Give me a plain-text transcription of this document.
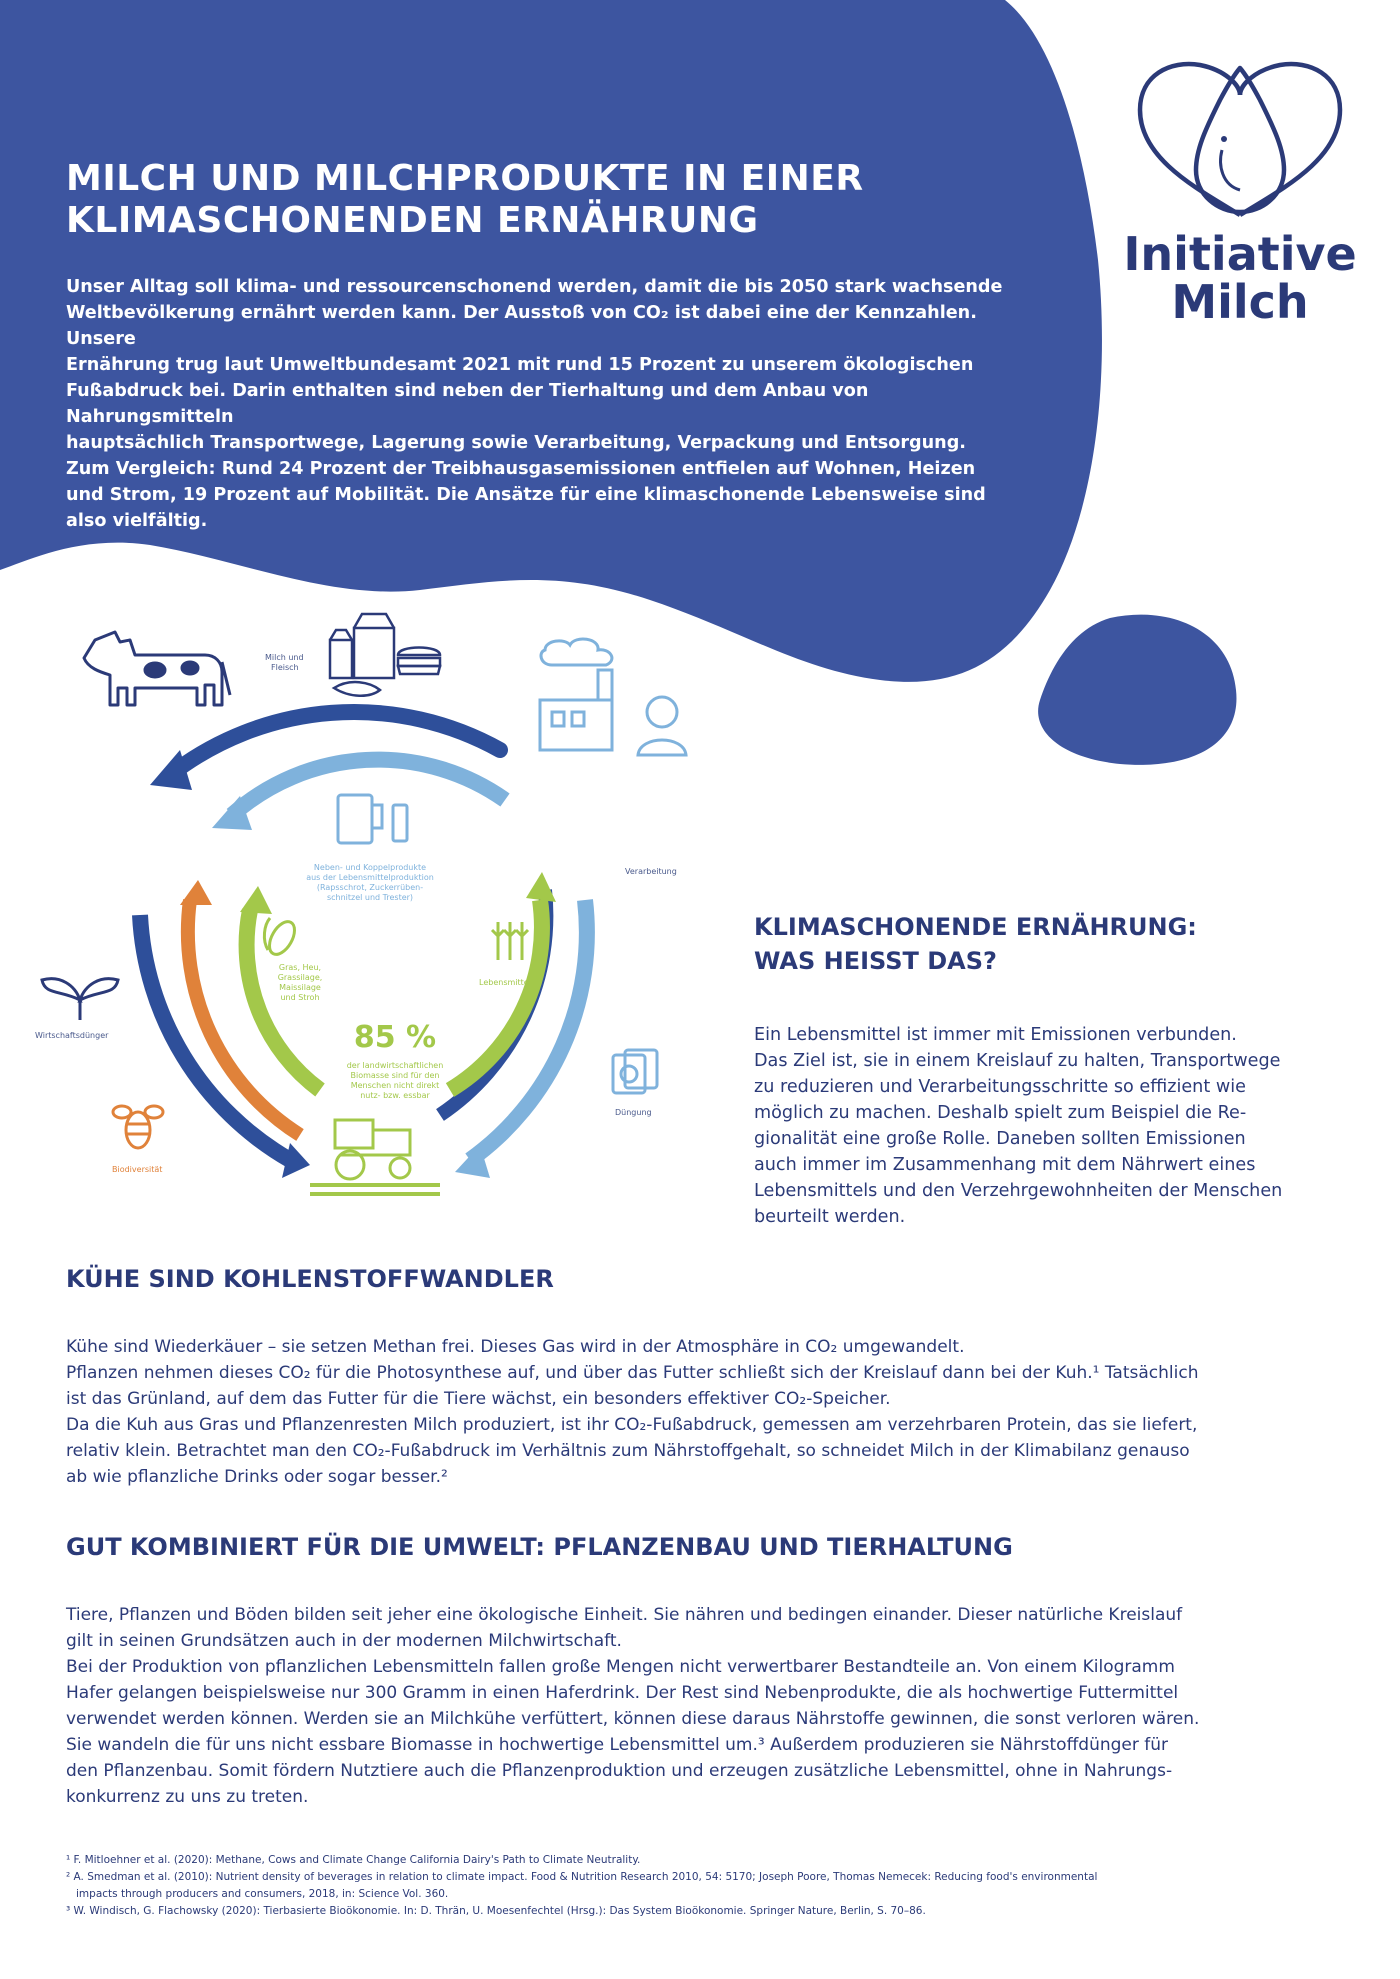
MILCH UND MILCHPRODUKTE IN EINER
KLIMASCHONENDEN ERNÄHRUNG

Unser Alltag soll klima- und ressourcenschonend werden, damit die bis 2050 stark wachsende

Weltbevölkerung ernährt werden kann. Der Ausstoß von CO₂ ist dabei eine der Kennzahlen. Unsere

Ernährung trug laut Umweltbundesamt 2021 mit rund 15 Prozent zu unserem ökologischen

Fußabdruck bei. Darin enthalten sind neben der Tierhaltung und dem Anbau von Nahrungsmitteln

hauptsächlich Transportwege, Lagerung sowie Verarbeitung, Verpackung und Entsorgung.

Zum Vergleich: Rund 24 Prozent der Treibhausgasemissionen entfielen auf Wohnen, Heizen

und Strom, 19 Prozent auf Mobilität. Die Ansätze für eine klimaschonende Lebensweise sind

also vielfältig.

Initiative
Milch
Milch und
Fleisch
Verarbeitung
Neben- und Koppelprodukte
aus der Lebensmittelproduktion
(Rapsschrot, Zuckerrüben-
schnitzel und Trester)
Gras, Heu,
Grassilage,
Maissilage
und Stroh
Lebensmittel
85 %
der landwirtschaftlichen
Biomasse sind für den
Menschen nicht direkt
nutz- bzw. essbar
Wirtschaftsdünger
Düngung
Biodiversität
KLIMASCHONENDE ERNÄHRUNG:
WAS HEISST DAS?

Ein Lebensmittel ist immer mit Emissionen verbunden.

Das Ziel ist, sie in einem Kreislauf zu halten, Transportwege

zu reduzieren und Verarbeitungsschritte so effizient wie

möglich zu machen. Deshalb spielt zum Beispiel die Re-

gionalität eine große Rolle. Daneben sollten Emissionen

auch immer im Zusammenhang mit dem Nährwert eines

Lebensmittels und den Verzehrgewohnheiten der Menschen

beurteilt werden.

KÜHE SIND KOHLENSTOFFWANDLER

Kühe sind Wiederkäuer – sie setzen Methan frei. Dieses Gas wird in der Atmosphäre in CO₂ umgewandelt.

Pflanzen nehmen dieses CO₂ für die Photosynthese auf, und über das Futter schließt sich der Kreislauf dann bei der Kuh.¹ Tatsächlich

ist das Grünland, auf dem das Futter für die Tiere wächst, ein besonders effektiver CO₂-Speicher.

Da die Kuh aus Gras und Pflanzenresten Milch produziert, ist ihr CO₂-Fußabdruck, gemessen am verzehrbaren Protein, das sie liefert,

relativ klein. Betrachtet man den CO₂-Fußabdruck im Verhältnis zum Nährstoffgehalt, so schneidet Milch in der Klimabilanz genauso

ab wie pflanzliche Drinks oder sogar besser.²

GUT KOMBINIERT FÜR DIE UMWELT: PFLANZENBAU UND TIERHALTUNG

Tiere, Pflanzen und Böden bilden seit jeher eine ökologische Einheit. Sie nähren und bedingen einander. Dieser natürliche Kreislauf

gilt in seinen Grundsätzen auch in der modernen Milchwirtschaft.

Bei der Produktion von pflanzlichen Lebensmitteln fallen große Mengen nicht verwertbarer Bestandteile an. Von einem Kilogramm

Hafer gelangen beispielsweise nur 300 Gramm in einen Haferdrink. Der Rest sind Nebenprodukte, die als hochwertige Futtermittel

verwendet werden können. Werden sie an Milchkühe verfüttert, können diese daraus Nährstoffe gewinnen, die sonst verloren wären.

Sie wandeln die für uns nicht essbare Biomasse in hochwertige Lebensmittel um.³ Außerdem produzieren sie Nährstoffdünger für

den Pflanzenbau. Somit fördern Nutztiere auch die Pflanzenproduktion und erzeugen zusätzliche Lebensmittel, ohne in Nahrungs-

konkurrenz zu uns zu treten.

¹ F. Mitloehner et al. (2020): Methane, Cows and Climate Change California Dairy's Path to Climate Neutrality.

² A. Smedman et al. (2010): Nutrient density of beverages in relation to climate impact. Food & Nutrition Research 2010, 54: 5170; Joseph Poore, Thomas Nemecek: Reducing food's environmental

impacts through producers and consumers, 2018, in: Science Vol. 360.

³ W. Windisch, G. Flachowsky (2020): Tierbasierte Bioökonomie. In: D. Thrän, U. Moesenfechtel (Hrsg.): Das System Bioökonomie. Springer Nature, Berlin, S. 70–86.
